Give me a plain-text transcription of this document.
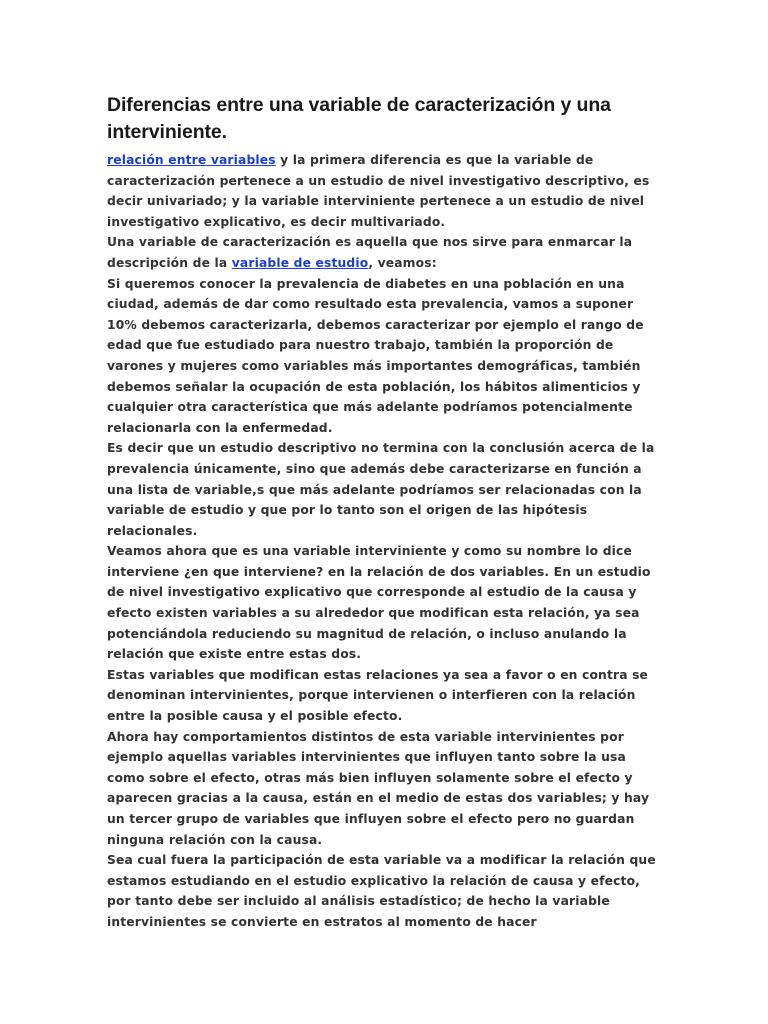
Diferencias entre una variable de caracterización y una interviniente.

relación entre variables y la primera diferencia es que la variable de caracterización pertenece a un estudio de nivel investigativo descriptivo, es decir univariado; y la variable interviniente pertenece a un estudio de nivel investigativo explicativo, es decir multivariado.

Una variable de caracterización es aquella que nos sirve para enmarcar la descripción de la variable de estudio, veamos:

Si queremos conocer la prevalencia de diabetes en una población en una ciudad, además de dar como resultado esta prevalencia, vamos a suponer 10% debemos caracterizarla, debemos caracterizar por ejemplo el rango de edad que fue estudiado para nuestro trabajo, también la proporción de varones y mujeres como variables más importantes demográficas, también debemos señalar la ocupación de esta población, los hábitos alimenticios y cualquier otra característica que más adelante podríamos potencialmente relacionarla con la enfermedad.

Es decir que un estudio descriptivo no termina con la conclusión acerca de la prevalencia únicamente, sino que además debe caracterizarse en función a una lista de variable,s que más adelante podríamos ser relacionadas con la variable de estudio y que por lo tanto son el origen de las hipótesis relacionales.

Veamos ahora que es una variable interviniente y como su nombre lo dice interviene ¿en que interviene? en la relación de dos variables. En un estudio de nivel investigativo explicativo que corresponde al estudio de la causa y efecto existen variables a su alrededor que modifican esta relación, ya sea potenciándola reduciendo su magnitud de relación, o incluso anulando la relación que existe entre estas dos.

Estas variables que modifican estas relaciones ya sea a favor o en contra se denominan intervinientes, porque intervienen o interfieren con la relación entre la posible causa y el posible efecto.

Ahora hay comportamientos distintos de esta variable intervinientes por ejemplo aquellas variables intervinientes que influyen tanto sobre la usa como sobre el efecto, otras más bien influyen solamente sobre el efecto y aparecen gracias a la causa, están en el medio de estas dos variables; y hay un tercer grupo de variables que influyen sobre el efecto pero no guardan ninguna relación con la causa.

Sea cual fuera la participación de esta variable va a modificar la relación que estamos estudiando en el estudio explicativo la relación de causa y efecto, por tanto debe ser incluido al análisis estadístico; de hecho la variable intervinientes se convierte en estratos al momento de hacer
